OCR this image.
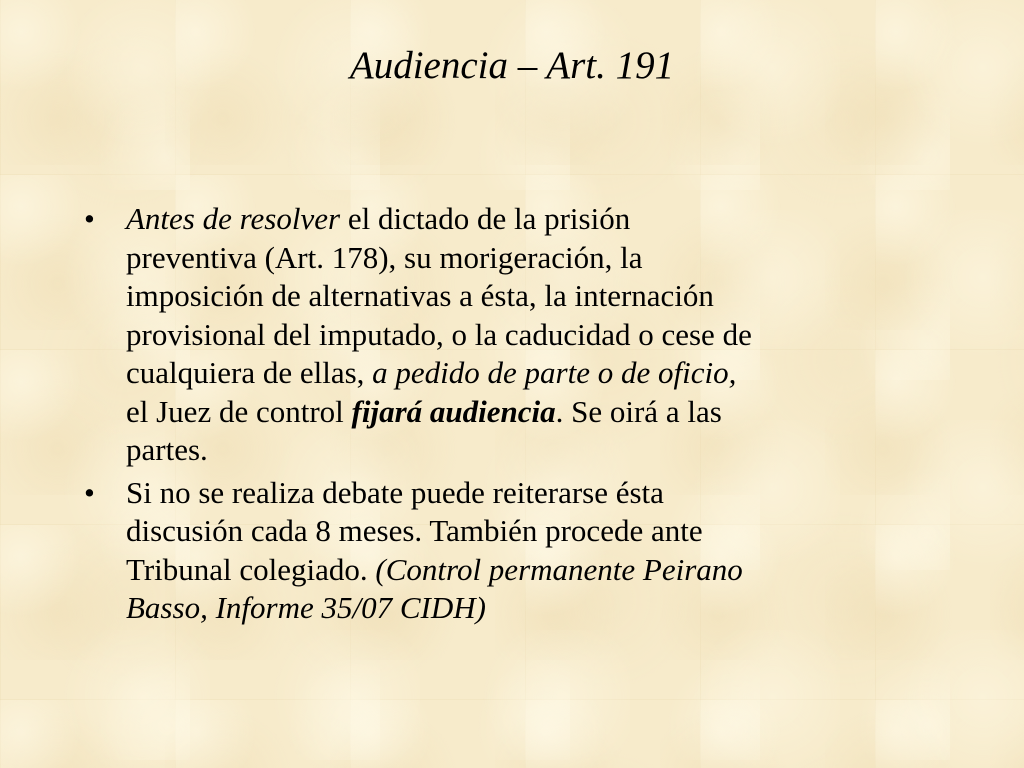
Audiencia – Art. 191
• Antes de resolver el dictado de la prisión
preventiva (Art. 178), su morigeración, la
imposición de alternativas a ésta, la internación
provisional del imputado, o la caducidad o cese de
cualquiera de ellas, a pedido de parte o de oficio,
el Juez de control fijará audiencia. Se oirá a las
partes.
• Si no se realiza debate puede reiterarse ésta
discusión cada 8 meses. También procede ante
Tribunal colegiado. (Control permanente Peirano
Basso, Informe 35/07 CIDH)
